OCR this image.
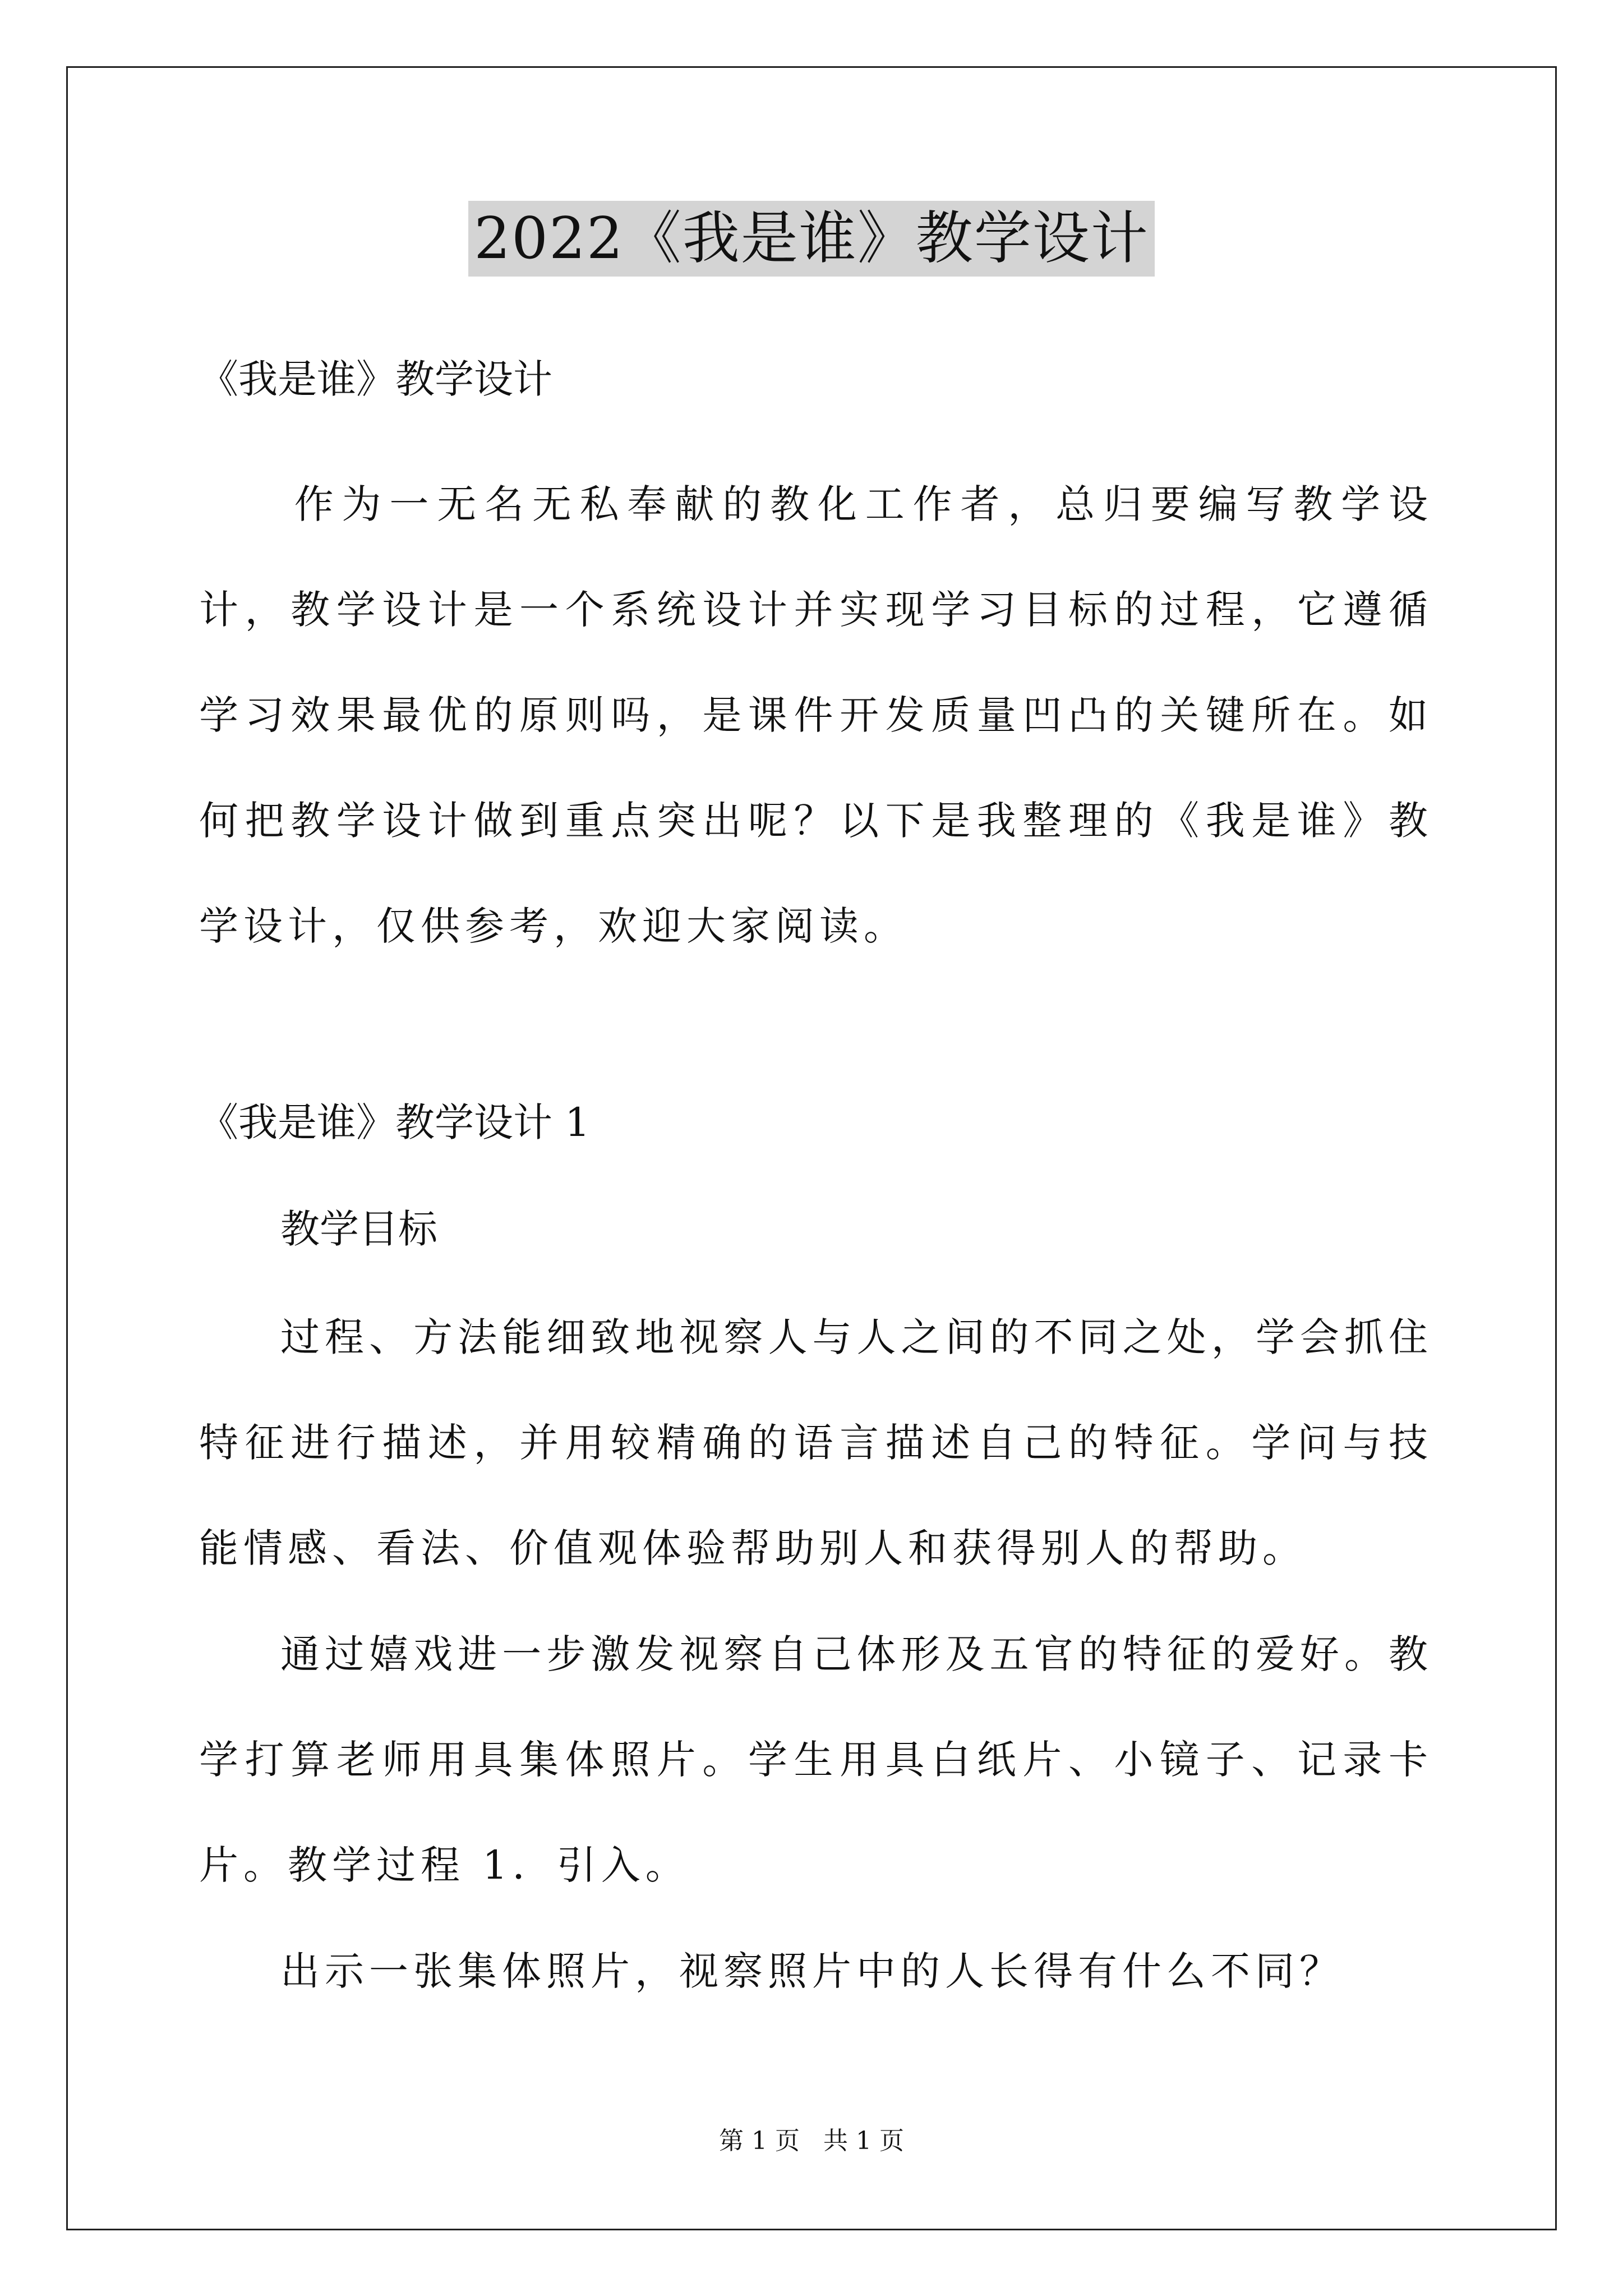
2022《我是谁》教学设计
《我是谁》教学设计
　　作为一无名无私奉献的教化工作者，总归要编写教学设计，教学设计是一个系统设计并实现学习目标的过程，它遵循学习效果最优的原则吗，是课件开发质量凹凸的关键所在。如何把教学设计做到重点突出呢？以下是我整理的《我是谁》教学设计，仅供参考，欢迎大家阅读。
《我是谁》教学设计 1
教学目标
过程、方法能细致地视察人与人之间的不同之处，学会抓住特征进行描述，并用较精确的语言描述自己的特征。学问与技能情感、看法、价值观体验帮助别人和获得别人的帮助。
通过嬉戏进一步激发视察自己体形及五官的特征的爱好。教学打算老师用具集体照片。学生用具白纸片、小镜子、记录卡片。教学过程 1．引入。
出示一张集体照片，视察照片中的人长得有什么不同？
第 1 页 共 1 页
